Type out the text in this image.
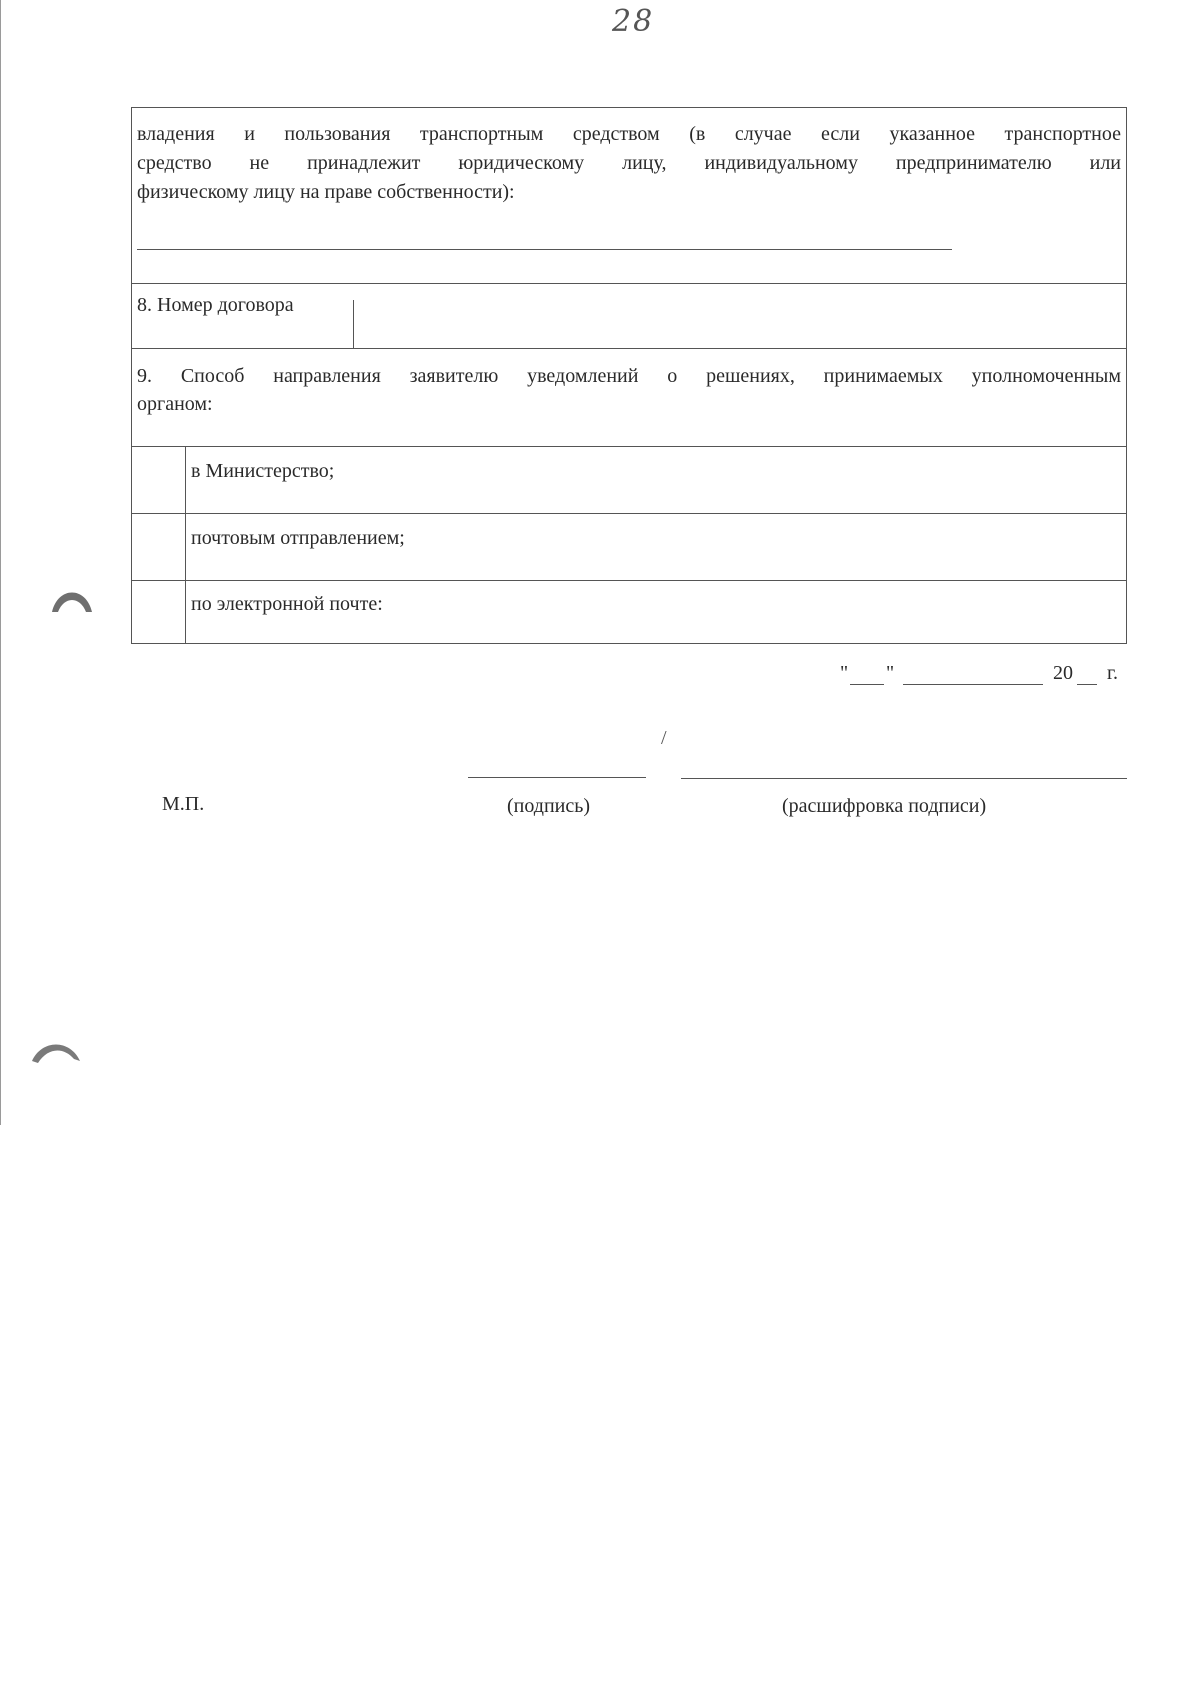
28
владения и пользования транспортным средством (в случае если указанное транспортное
средство не принадлежит юридическому лицу, индивидуальному предпринимателю или
физическому лицу на праве собственности):
8. Номер договора
9. Способ направления заявителю уведомлений о решениях, принимаемых уполномоченным
органом:
в Министерство;
почтовым отправлением;
по электронной почте:
" "	20 г.
/
М.П.	(подпись)	(расшифровка подписи)
